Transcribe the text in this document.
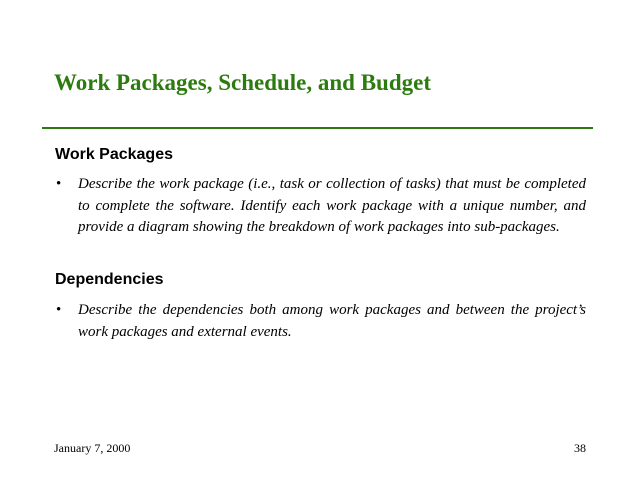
Work Packages, Schedule, and Budget
Work Packages
• Describe the work package (i.e., task or collection of tasks) that must be completed to complete the software. Identify each work package with a unique number, and provide a diagram showing the breakdown of work packages into sub-packages.
Dependencies
• Describe the dependencies both among work packages and between the project’s work packages and external events.
January 7, 2000	38
